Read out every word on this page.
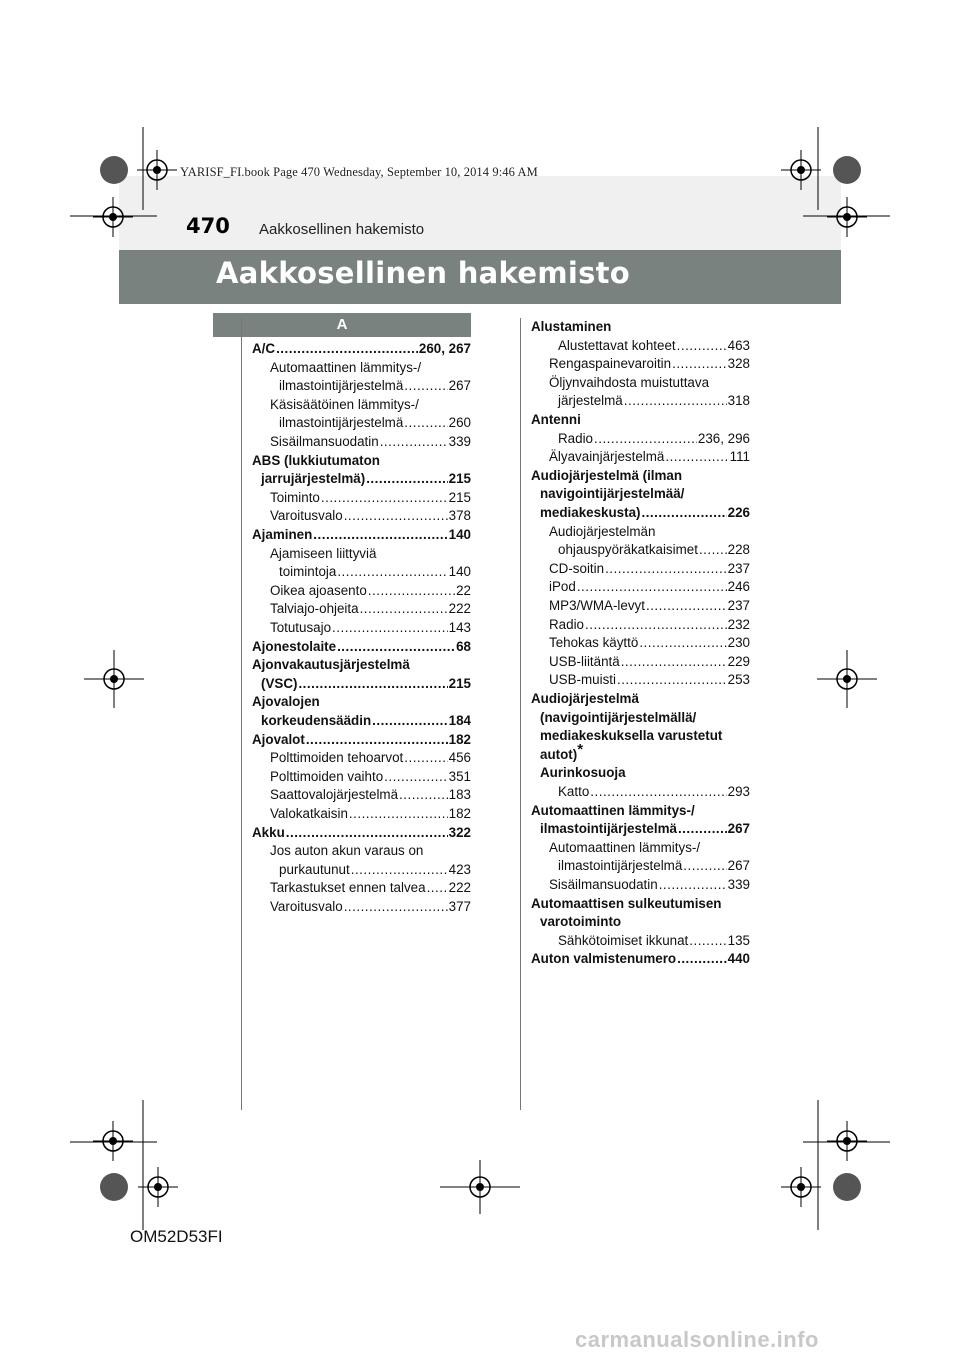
YARISF_FI.book Page 470 Wednesday, September 10, 2014 9:46 AM
470 Aakkosellinen hakemisto
Aakkosellinen hakemisto
A
A/C .....	260, 267
Automaattinen lämmitys-/
ilmastointijärjestelmä .....	267
Käsisäätöinen lämmitys-/
ilmastointijärjestelmä .....	260
Sisäilmansuodatin .....	339
ABS (lukkiutumaton
jarrujärjestelmä) .....	215
Toiminto .....	215
Varoitusvalo .....	378
Ajaminen .....	140
Ajamiseen liittyviä
toimintoja .....	140
Oikea ajoasento .....	22
Talviajo-ohjeita .....	222
Totutusajo .....	143
Ajonestolaite .....	68
Ajonvakautusjärjestelmä
(VSC) .....	215
Ajovalojen
korkeudensäädin .....	184
Ajovalot .....	182
Polttimoiden tehoarvot .....	456
Polttimoiden vaihto .....	351
Saattovalojärjestelmä .....	183
Valokatkaisin .....	182
Akku .....	322
Jos auton akun varaus on
purkautunut .....	423
Tarkastukset ennen talvea ..... 222
Varoitusvalo .....	377
Alustaminen
Alustettavat kohteet .....	463
Rengaspainevaroitin .....	328
Öljynvaihdosta muistuttava
järjestelmä .....	318
Antenni
Radio .....	236, 296
Älyavainjärjestelmä .....	111
Audiojärjestelmä (ilman
navigointijärjestelmää/
mediakeskusta) .....	226
Audiojärjestelmän
ohjauspyöräkatkaisimet ..... 228
CD-soitin .....	237
iPod .....	246
MP3/WMA-levyt .....	237
Radio .....	232
Tehokas käyttö .....	230
USB-liitäntä .....	229
USB-muisti .....	253
Audiojärjestelmä
(navigointijärjestelmällä/
mediakeskuksella varustetut
autot)*
Aurinkosuoja
Katto .....	293
Automaattinen lämmitys-/
ilmastointijärjestelmä .....	267
Automaattinen lämmitys-/
ilmastointijärjestelmä .....	267
Sisäilmansuodatin .....	339
Automaattisen sulkeutumisen
varotoiminto
Sähkötoimiset ikkunat .....	135
Auton valmistenumero .....	440
OM52D53FI
carmanualsonline.info
